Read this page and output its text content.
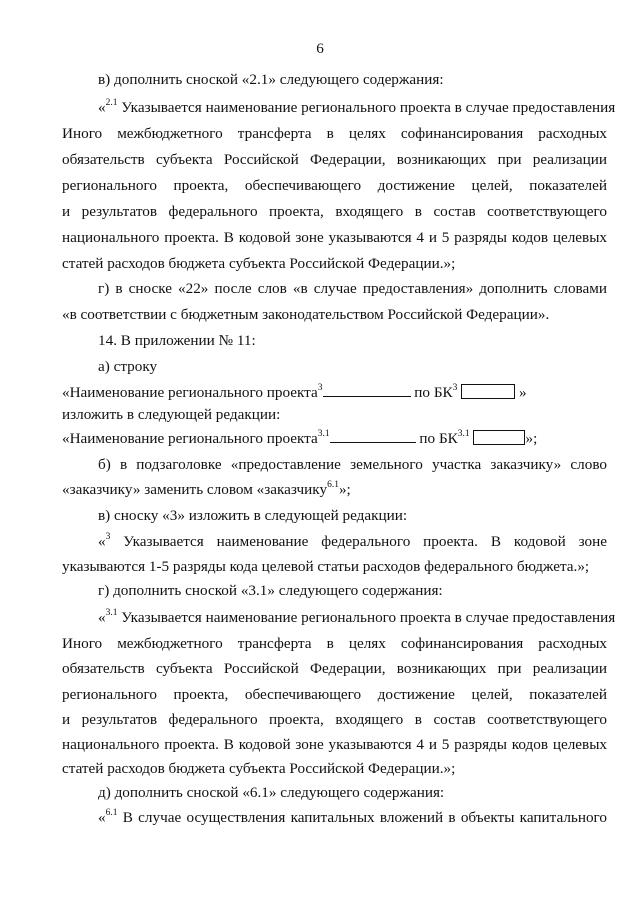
6
в) дополнить сноской «2.1» следующего содержания:
«$^{2.1}$ Указывается наименование регионального проекта в случае предоставления
Иного межбюджетного трансферта в целях софинансирования расходных
обязательств субъекта Российской Федерации, возникающих при реализации
регионального проекта, обеспечивающего достижение целей, показателей
и результатов федерального проекта, входящего в состав соответствующего
национального проекта. В кодовой зоне указываются 4 и 5 разряды кодов целевых
статей расходов бюджета субъекта Российской Федерации.»;
г) в сноске «22» после слов «в случае предоставления» дополнить словами
«в соответствии с бюджетным законодательством Российской Федерации».
14. В приложении № 11:
а) строку
«Наименование регионального проекта$^3$	по $БК^3$	»
изложить в следующей редакции:
«Наименование регионального проекта$^{3.1}$	по $БК^{3.1}$	»;
б) в подзаголовке «предоставление земельного участка заказчику» слово
«заказчику» заменить словом «заказчику$^{6.1}$»;
в) сноску «3» изложить в следующей редакции:
«$^3$ Указывается наименование федерального проекта. В кодовой зоне
указываются 1-5 разряды кода целевой статьи расходов федерального бюджета.»;
г) дополнить сноской «3.1» следующего содержания:
«$^{3.1}$ Указывается наименование регионального проекта в случае предоставления
Иного межбюджетного трансферта в целях софинансирования расходных
обязательств субъекта Российской Федерации, возникающих при реализации
регионального проекта, обеспечивающего достижение целей, показателей
и результатов федерального проекта, входящего в состав соответствующего
национального проекта. В кодовой зоне указываются 4 и 5 разряды кодов целевых
статей расходов бюджета субъекта Российской Федерации.»;
д) дополнить сноской «6.1» следующего содержания:
«$^{6.1}$ В случае осуществления капитальных вложений в объекты капитального
